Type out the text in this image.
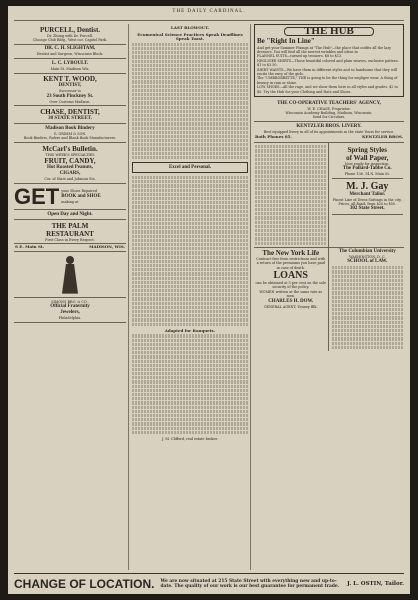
THE DAILY CARDINAL.
PURCELL, Dentist.
Dr. Zhong with Dr. Purcell.
Chicago Club Bldg., West cor. Capitol Park.
DR. C. H. SLIGHTAM,
Dentist and Surgeon, Wisconsin Block.
L. C. LYBOULT.
Main St. Madison Wis.
KENT T. WOOD,
DENTIST,
Successor to
23 South Pinckney St.
Over Customs Madison.
CHASE, DENTIST,
30 STATE STREET.
Madison Book Bindery
G. GRIMM & SON.
Book Binders, Rulers and Blank Book Manufacturers.
McCarl's Bulletin.
THIS WEEK'S SPECIALTIES
FRUIT, CANDY,
Hot Roasted Peanuts,
CIGARS,
Cor. of State and Johnson Sts.
GET your Shoes Repaired
BOOK and SHOE
making at
Open Day and Night.
THE PALM
RESTAURANT
First Class in Every Respect.
S E. Main St.	MADISON, WIS.
SIMONS BRO. & CO.,
Official Fraternity
Jewelers,
Philadelphia.
LAST BLOWOUT.
Ecumenical Science Practices Speak Deadlines Speak Toast.
Excel and Personal.
Adapted for Banquets.
J. M. Clifford, real estate broker.
THE HUB
Be "Right In Line"
And get your Summer Fixings at "The Hub"—the place that outfits all the lazy dressers. You will find all the newest wrinkles and ideas in
FLANNEL SUITS—turned up trousers. $8 to $13.
NEGLIGEE SHIRTS—Those beautiful colored and plain weaves, exclusive pattern. $1 to $3.50.
SHIRT WAISTS—We have them in different styles and so handsome that they will excite the envy of the girls.
The "UMBROBRETTE," THE is going to be the thing for negligee wear. A thing of beauty in rain or shine.
LOW SHOES—All the rage, and we show them here in all styles and grades. $2 to $5. Try the Hub for your Clothing and Hats and Shoes.
THE CO-OPERATIVE TEACHERS' AGENCY,
W. E. CHASE, Proprietor.
Wisconsin Academy Building, Madison, Wisconsin.
Send for Circulars.
KENTZLER BROS. LIVERY.
Best equipped livery in all of its appointments in the state Yours for service.
Both Phones 85.	KENTZLER BROS.
Spring Styles
of Wall Paper,
Now ready for inspection.
The Pollard-Tabbe Co.
Phone 136. 14 N. Main St.
M. J. Gay
Merchant Tailor.
Finest Line of Dress Suitings in the city. Prices, all Band, from $20 to $50.
302 State Street.
The New York Life
Contract free from restrictions and with a return of the premiums you have paid in case of death.
LOANS
can be obtained at 5 per cent on the sole security of the policy.
WOMEN written at the same rate as men.
CHARLES H. DOW.
GENERAL AGENT, Tenney Blk.
The Columbian University
WASHINGTON, D. C.
SCHOOL of LAW.
CHANGE OF LOCATION. We are now situated at 215 State Street with everything new and up-to-date. The quality of our work is our best guarantee for permanent trade.	J. L. OSTIN, Tailor.
